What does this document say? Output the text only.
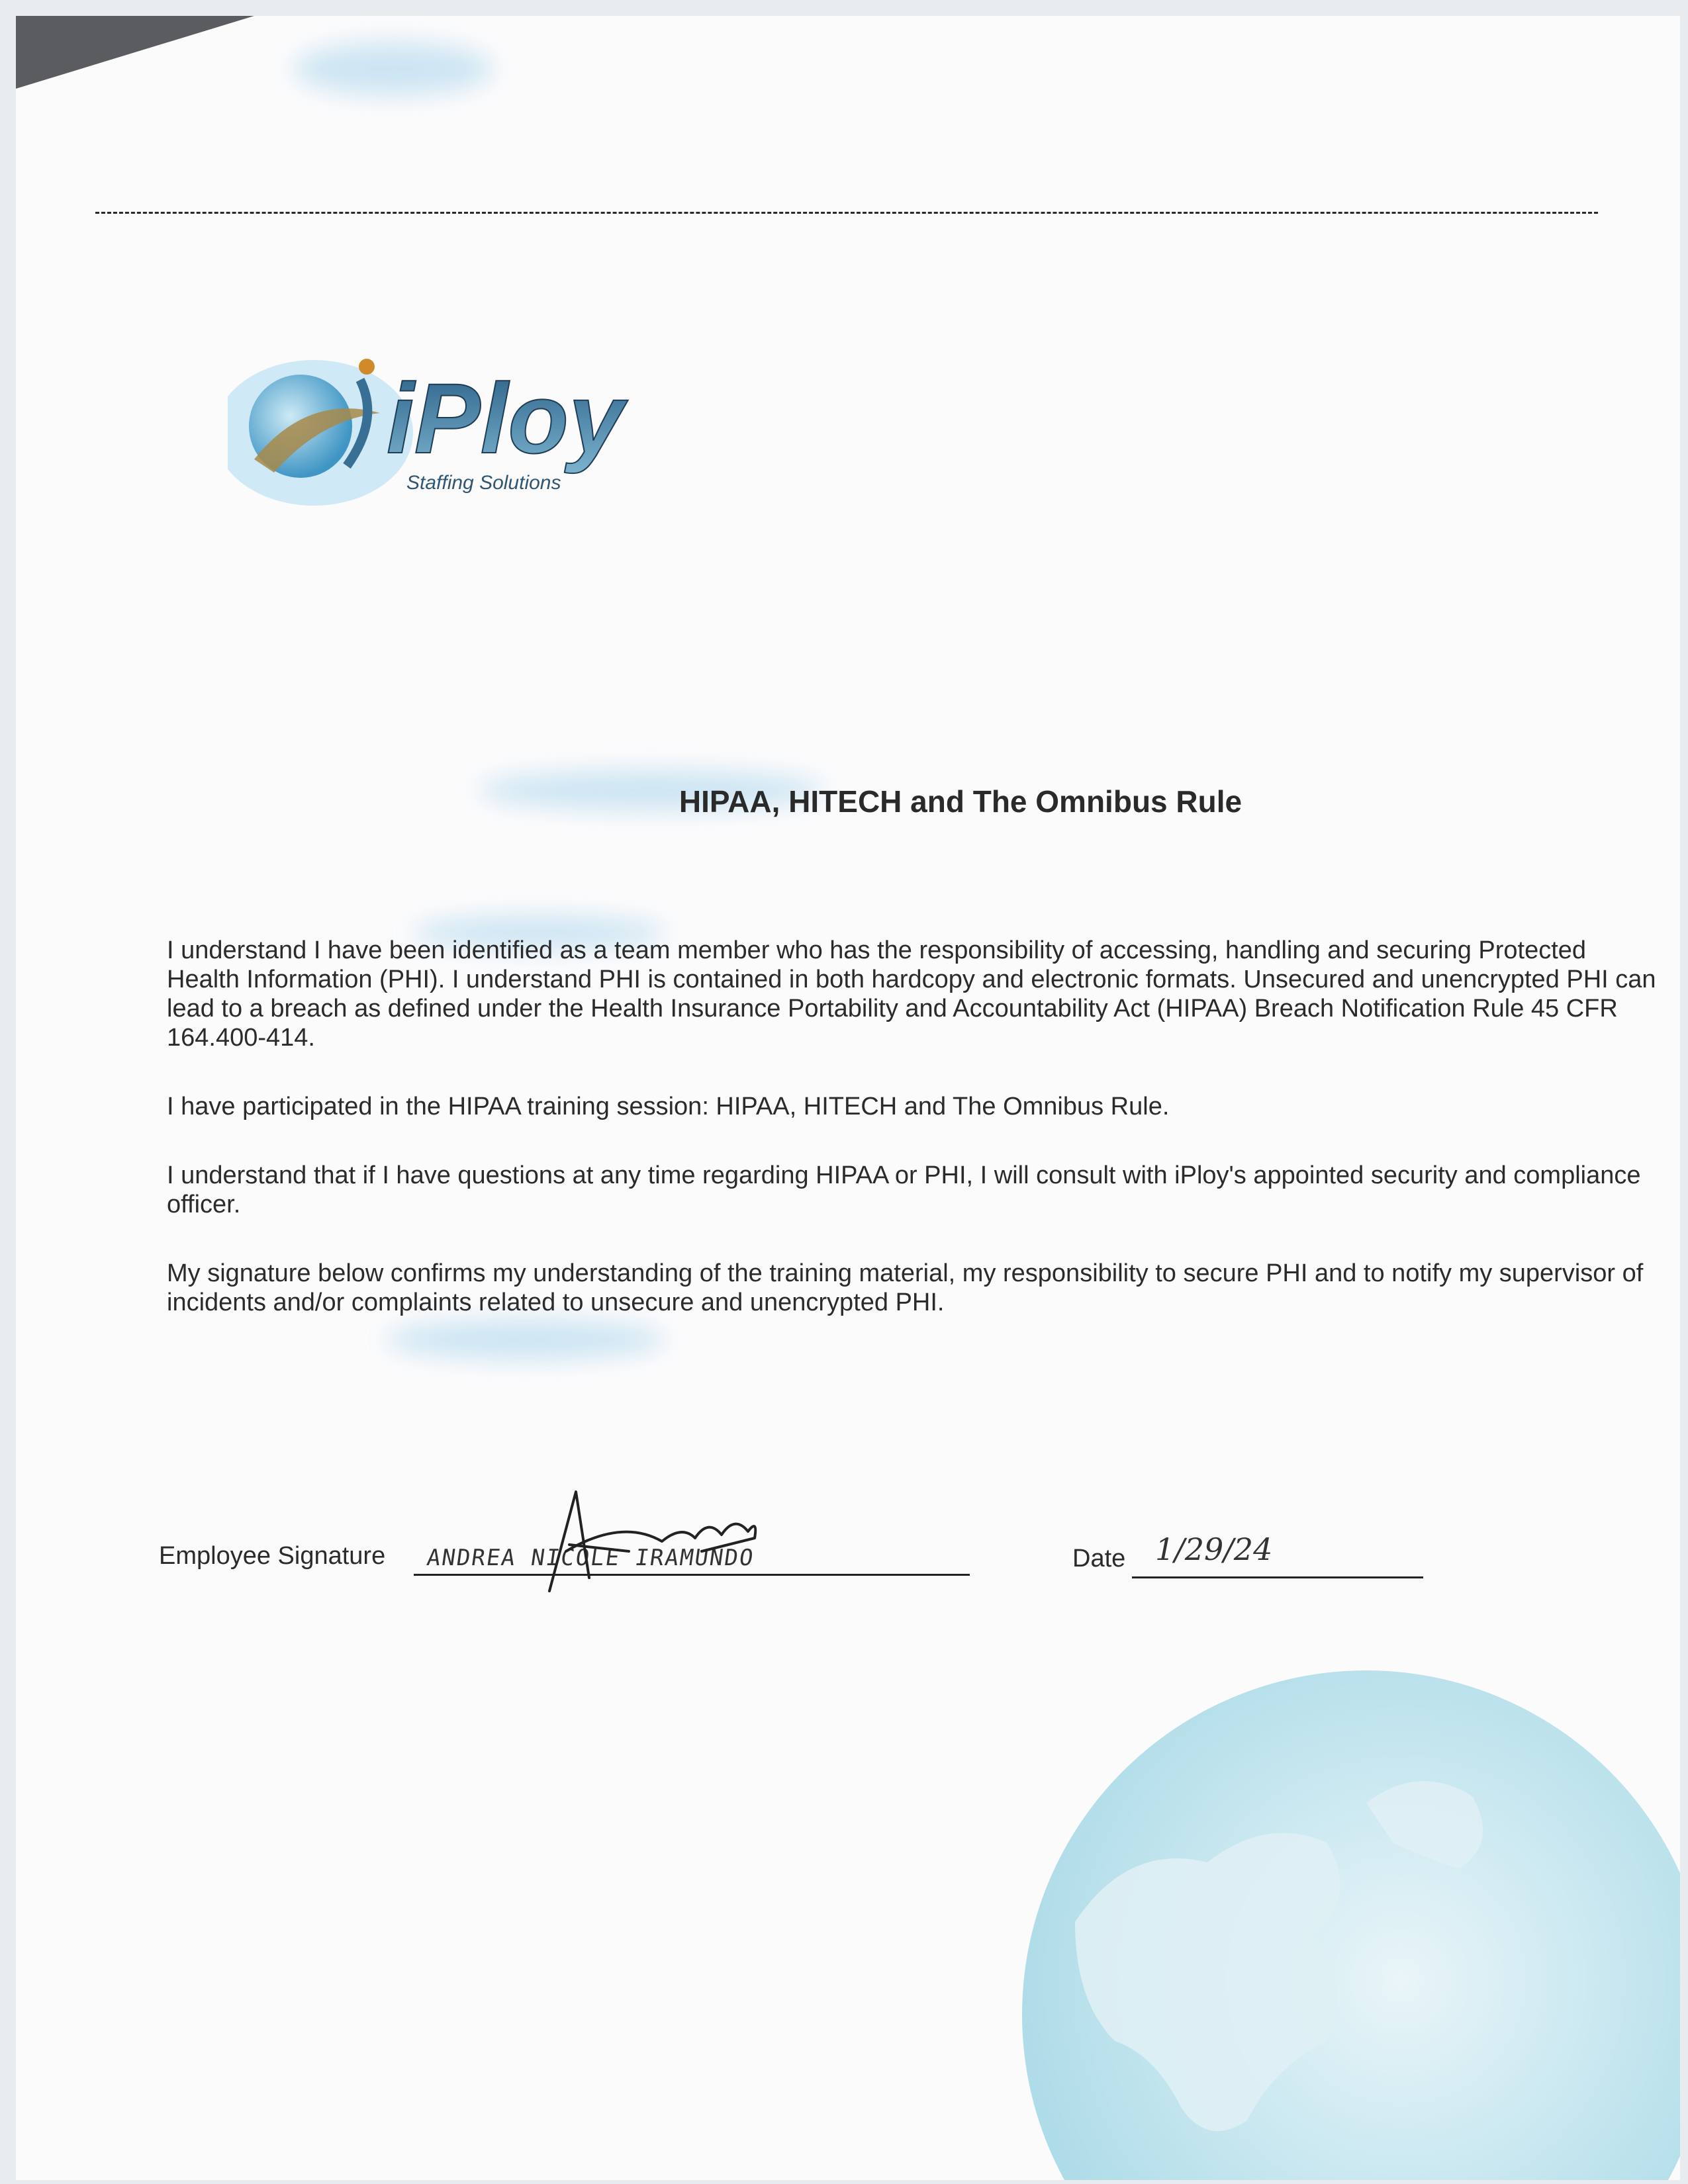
iPloy
Staffing Solutions
HIPAA, HITECH and The Omnibus Rule

I understand I have been identified as a team member who has the responsibility of accessing, handling and securing Protected Health Information (PHI). I understand PHI is contained in both hardcopy and electronic formats. Unsecured and unencrypted PHI can lead to a breach as defined under the Health Insurance Portability and Accountability Act (HIPAA) Breach Notification Rule 45 CFR 164.400-414.

I have participated in the HIPAA training session: HIPAA, HITECH and The Omnibus Rule.

I understand that if I have questions at any time regarding HIPAA or PHI, I will consult with iPloy's appointed security and compliance officer.

My signature below confirms my understanding of the training material, my responsibility to secure PHI and to notify my supervisor of incidents and/or complaints related to unsecure and unencrypted PHI.

Employee Signature ANDREA NICOLE IRAMUNDO	Date 1/29/24
